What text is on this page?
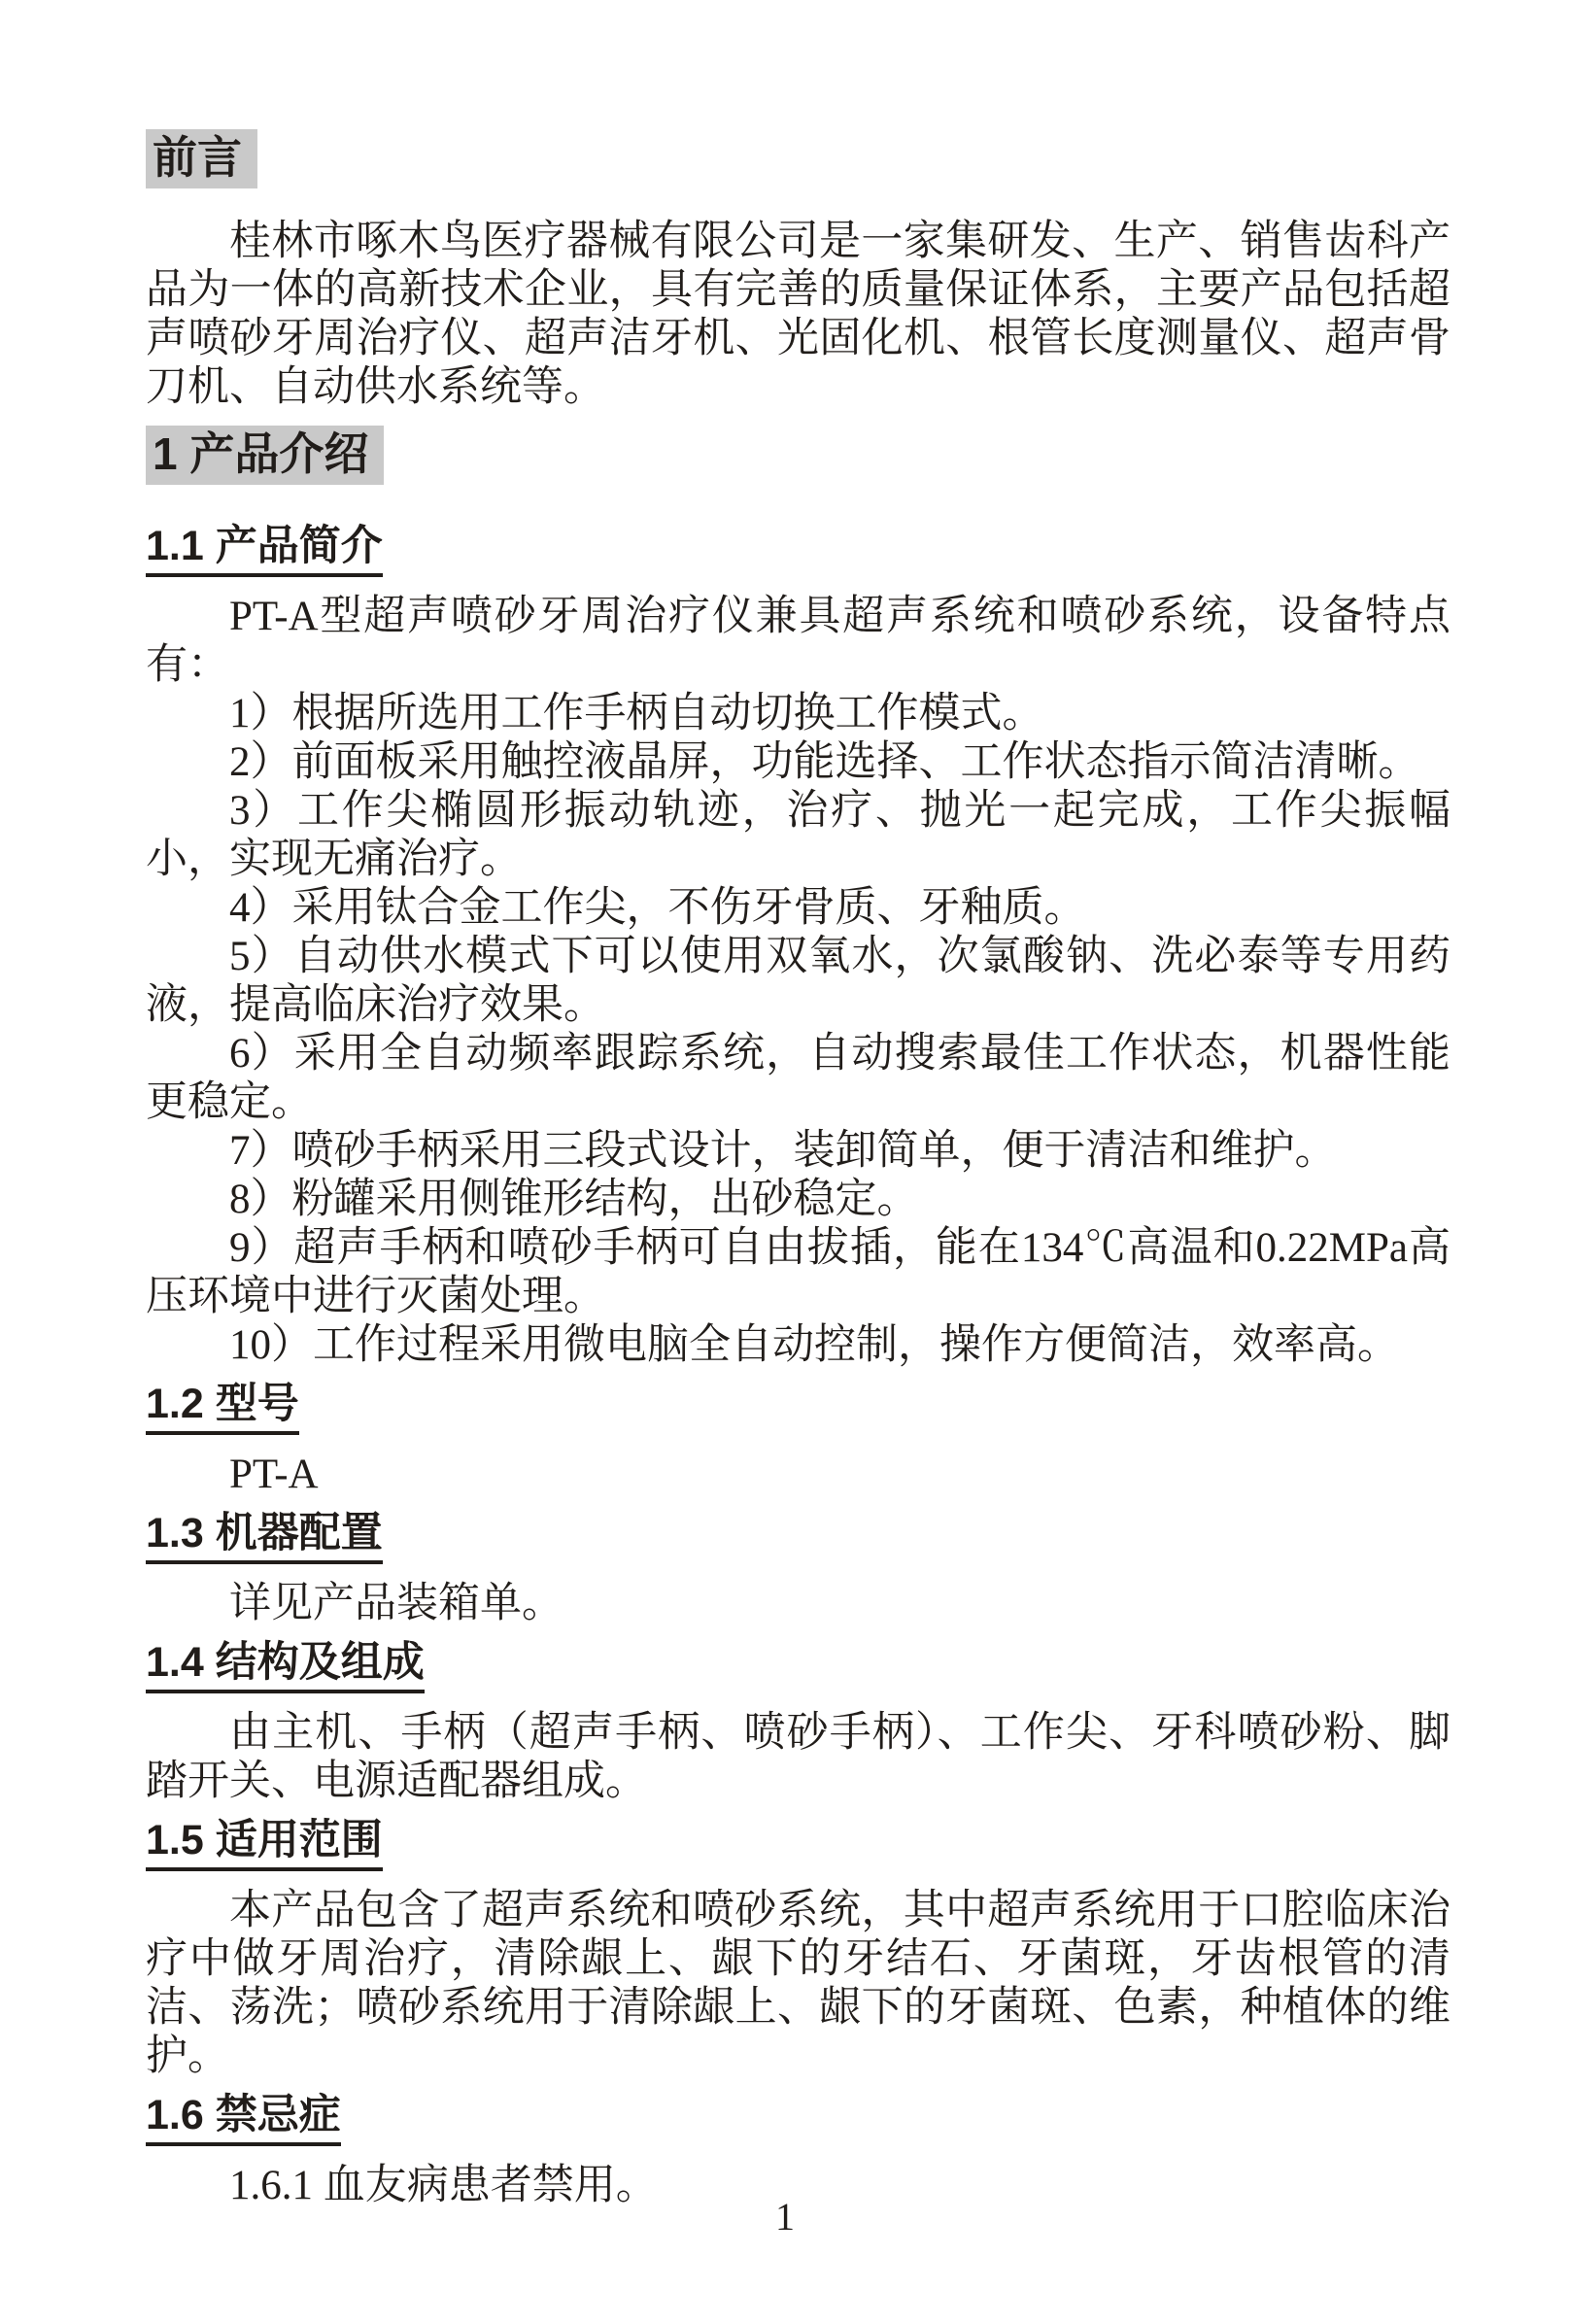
前言

桂林市啄木鸟医疗器械有限公司是一家集研发、生产、销售齿科产品为一体的高新技术企业，具有完善的质量保证体系，主要产品包括超声喷砂牙周治疗仪、超声洁牙机、光固化机、根管长度测量仪、超声骨刀机、自动供水系统等。

1 产品介绍
1.1 产品简介

PT-A型超声喷砂牙周治疗仪兼具超声系统和喷砂系统，设备特点有：

1）根据所选用工作手柄自动切换工作模式。

2）前面板采用触控液晶屏，功能选择、工作状态指示简洁清晰。

3）工作尖椭圆形振动轨迹，治疗、抛光一起完成，工作尖振幅小，实现无痛治疗。

4）采用钛合金工作尖，不伤牙骨质、牙釉质。

5）自动供水模式下可以使用双氧水，次氯酸钠、洗必泰等专用药液，提高临床治疗效果。

6）采用全自动频率跟踪系统，自动搜索最佳工作状态，机器性能更稳定。

7）喷砂手柄采用三段式设计，装卸简单，便于清洁和维护。

8）粉罐采用侧锥形结构，出砂稳定。

9）超声手柄和喷砂手柄可自由拔插，能在134℃高温和0.22MPa高压环境中进行灭菌处理。

10）工作过程采用微电脑全自动控制，操作方便简洁，效率高。

1.2 型号

PT-A

1.3 机器配置

详见产品装箱单。

1.4 结构及组成

由主机、手柄（超声手柄、喷砂手柄）、工作尖、牙科喷砂粉、脚踏开关、电源适配器组成。

1.5 适用范围

本产品包含了超声系统和喷砂系统，其中超声系统用于口腔临床治疗中做牙周治疗，清除龈上、龈下的牙结石、牙菌斑，牙齿根管的清洁、荡洗；喷砂系统用于清除龈上、龈下的牙菌斑、色素，种植体的维护。

1.6 禁忌症

1.6.1 血友病患者禁用。

1
